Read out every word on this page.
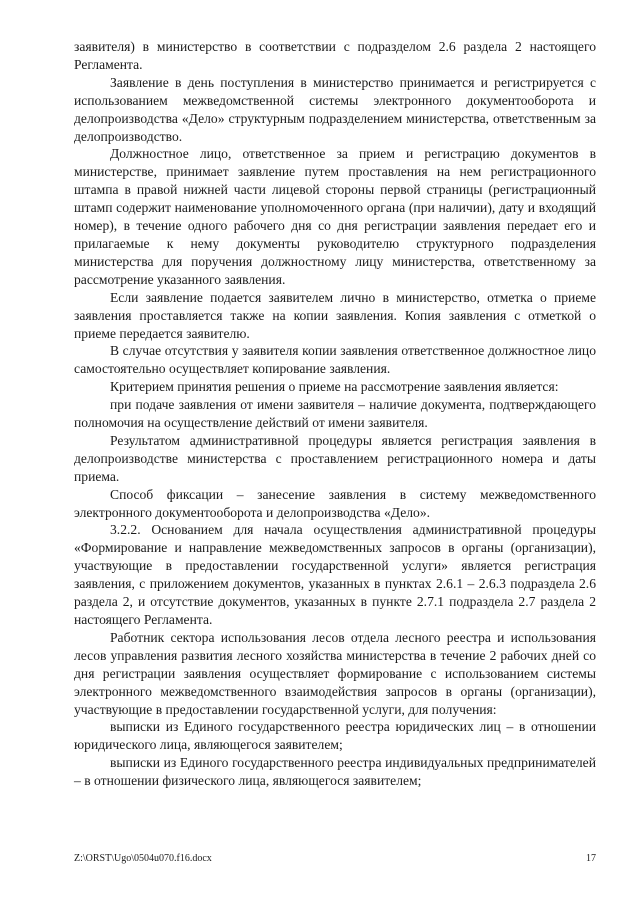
заявителя) в министерство в соответствии с подразделом 2.6 раздела 2 настоящего Регламента.

Заявление в день поступления в министерство принимается и регистрируется с использованием межведомственной системы электронного документооборота и делопроизводства «Дело» структурным подразделением министерства, ответственным за делопроизводство.

Должностное лицо, ответственное за прием и регистрацию документов в министерстве, принимает заявление путем проставления на нем регистрационного штампа в правой нижней части лицевой стороны первой страницы (регистрационный штамп содержит наименование уполномоченного органа (при наличии), дату и входящий номер), в течение одного рабочего дня со дня регистрации заявления передает его и прилагаемые к нему документы руководителю структурного подразделения министерства для поручения должностному лицу министерства, ответственному за рассмотрение указанного заявления.

Если заявление подается заявителем лично в министерство, отметка о приеме заявления проставляется также на копии заявления. Копия заявления с отметкой о приеме передается заявителю.

В случае отсутствия у заявителя копии заявления ответственное должностное лицо самостоятельно осуществляет копирование заявления.

Критерием принятия решения о приеме на рассмотрение заявления является:

при подаче заявления от имени заявителя – наличие документа, подтверждающего полномочия на осуществление действий от имени заявителя.

Результатом административной процедуры является регистрация заявления в делопроизводстве министерства с проставлением регистрационного номера и даты приема.

Способ фиксации – занесение заявления в систему межведомственного электронного документооборота и делопроизводства «Дело».

3.2.2. Основанием для начала осуществления административной процедуры «Формирование и направление межведомственных запросов в органы (организации), участвующие в предоставлении государственной услуги» является регистрация заявления, с приложением документов, указанных в пунктах 2.6.1 – 2.6.3 подраздела 2.6 раздела 2, и отсутствие документов, указанных в пункте 2.7.1 подраздела 2.7 раздела 2 настоящего Регламента.

Работник сектора использования лесов отдела лесного реестра и использования лесов управления развития лесного хозяйства министерства в течение 2 рабочих дней со дня регистрации заявления осуществляет формирование с использованием системы электронного межведомственного взаимодействия запросов в органы (организации), участвующие в предоставлении государственной услуги, для получения:

выписки из Единого государственного реестра юридических лиц – в отношении юридического лица, являющегося заявителем;

выписки из Единого государственного реестра индивидуальных предпринимателей – в отношении физического лица, являющегося заявителем;

Z:\ORST\Ugo\0504u070.f16.docx	17
